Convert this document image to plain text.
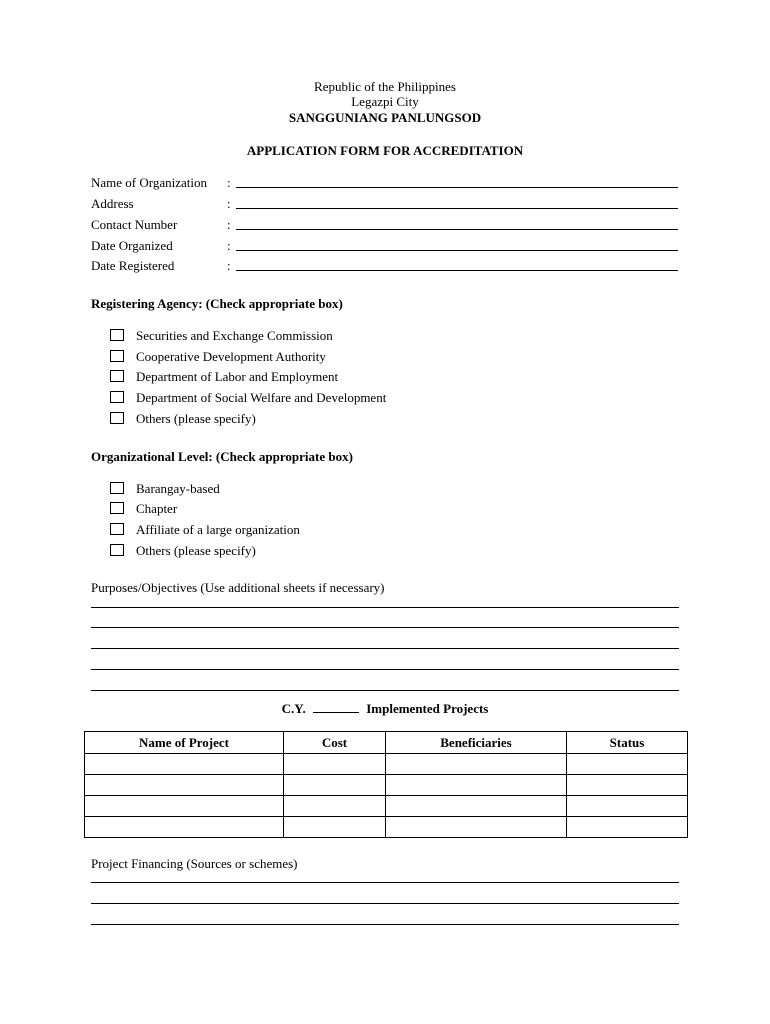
Republic of the Philippines
Legazpi City
SANGGUNIANG PANLUNGSOD
APPLICATION FORM FOR ACCREDITATION
Name of Organization :
Address	:
Contact Number	:
Date Organized	:
Date Registered	:
Registering Agency: (Check appropriate box)
Securities and Exchange Commission
Cooperative Development Authority
Department of Labor and Employment
Department of Social Welfare and Development
Others (please specify)
Organizational Level: (Check appropriate box)
Barangay-based
Chapter
Affiliate of a large organization
Others (please specify)
Purposes/Objectives (Use additional sheets if necessary)
C.Y.	Implemented Projects
Name of Project	Cost	Beneficiaries	Status

Project Financing (Sources or schemes)
